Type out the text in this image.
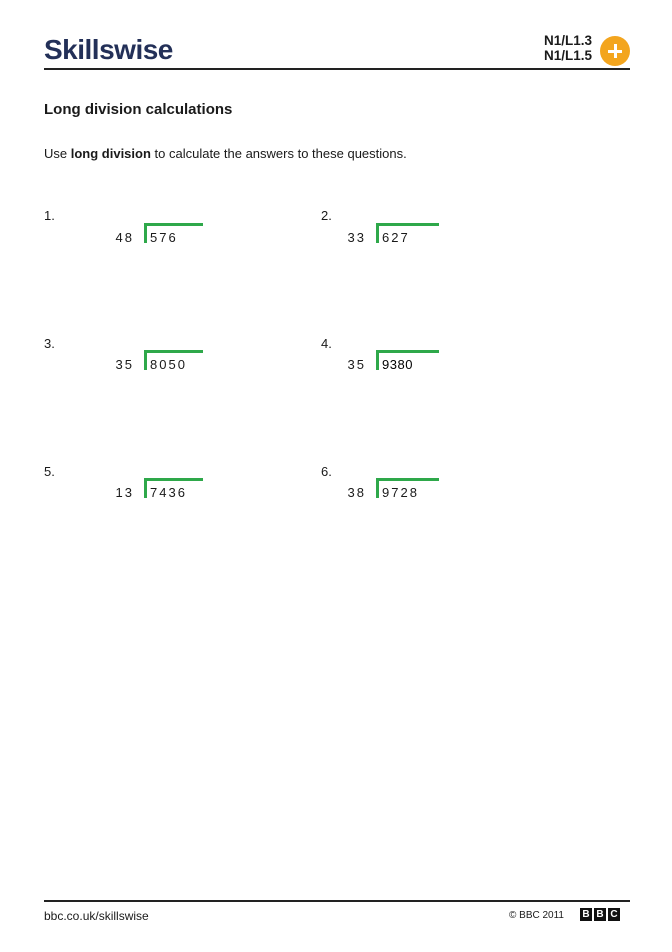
Skillswise	N1/L1.3
N1/L1.5
Long division calculations
Use long division to calculate the answers to these questions.
1.
48 576
2.
33 627
3.
35 8050
4.
35 9380
5.
13 7436
6.
38 9728
bbc.co.uk/skillswise	© BBC 2011 B B C
